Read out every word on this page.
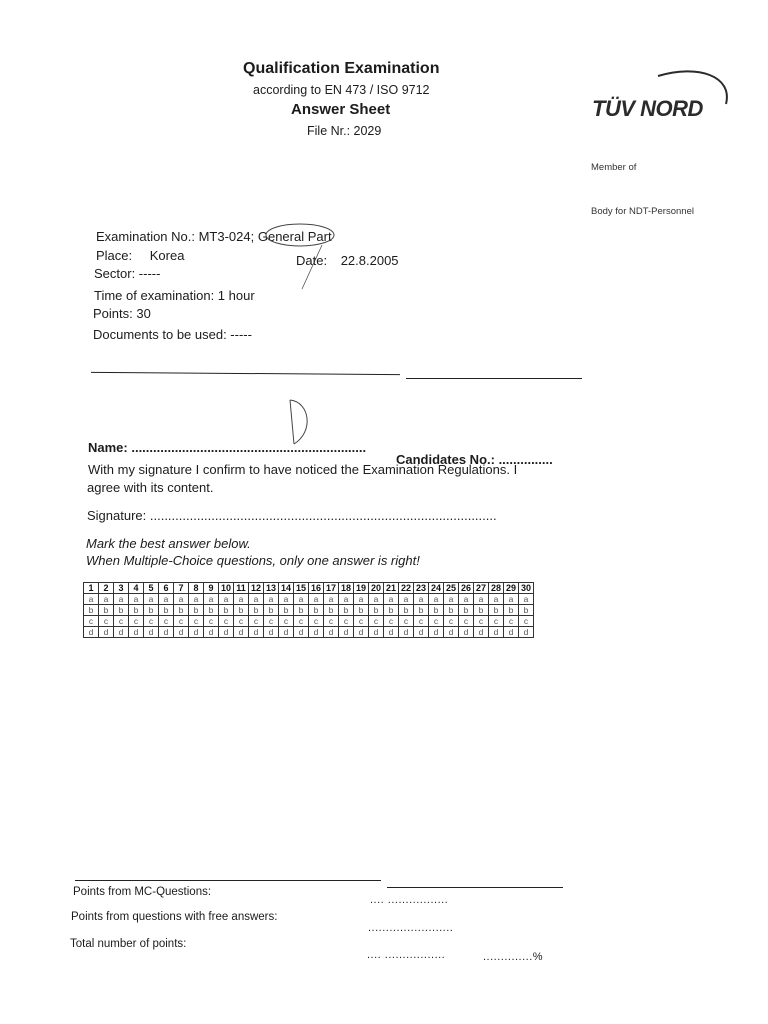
Qualification Examination
according to EN 473 / ISO 9712
Answer Sheet
File Nr.: 2029
TÜV NORD
Member of
Body for NDT-Personnel
Examination No.: MT3-024; General Part
Place: Korea	Date: 22.8.2005
Sector: -----
Time of examination: 1 hour
Points: 30
Documents to be used: -----
Name: .................................................................
Candidates No.: ...............
With my signature I confirm to have noticed the Examination Regulations. I
agree with its content.
Signature: ................................................................................................
Mark the best answer below.
When Multiple-Choice questions, only one answer is right!
1	2	3	4	5	6	7	8	9	10	11	12	13	14	15	16	17	18	19	20	21	22	23	24	25	26	27	28	29	30
a	a	a	a	a	a	a	a	a	a	a	a	a	a	a	a	a	a	a	a	a	a	a	a	a	a	a	a	a	a
b	b	b	b	b	b	b	b	b	b	b	b	b	b	b	b	b	b	b	b	b	b	b	b	b	b	b	b	b	b
c	c	c	c	c	c	c	c	c	c	c	c	c	c	c	c	c	c	c	c	c	c	c	c	c	c	c	c	c	c
d	d	d	d	d	d	d	d	d	d	d	d	d	d	d	d	d	d	d	d	d	d	d	d	d	d	d	d	d	d
Points from MC-Questions:
.... .................
Points from questions with free answers:
........................
Total number of points:
.... .................	..............%
